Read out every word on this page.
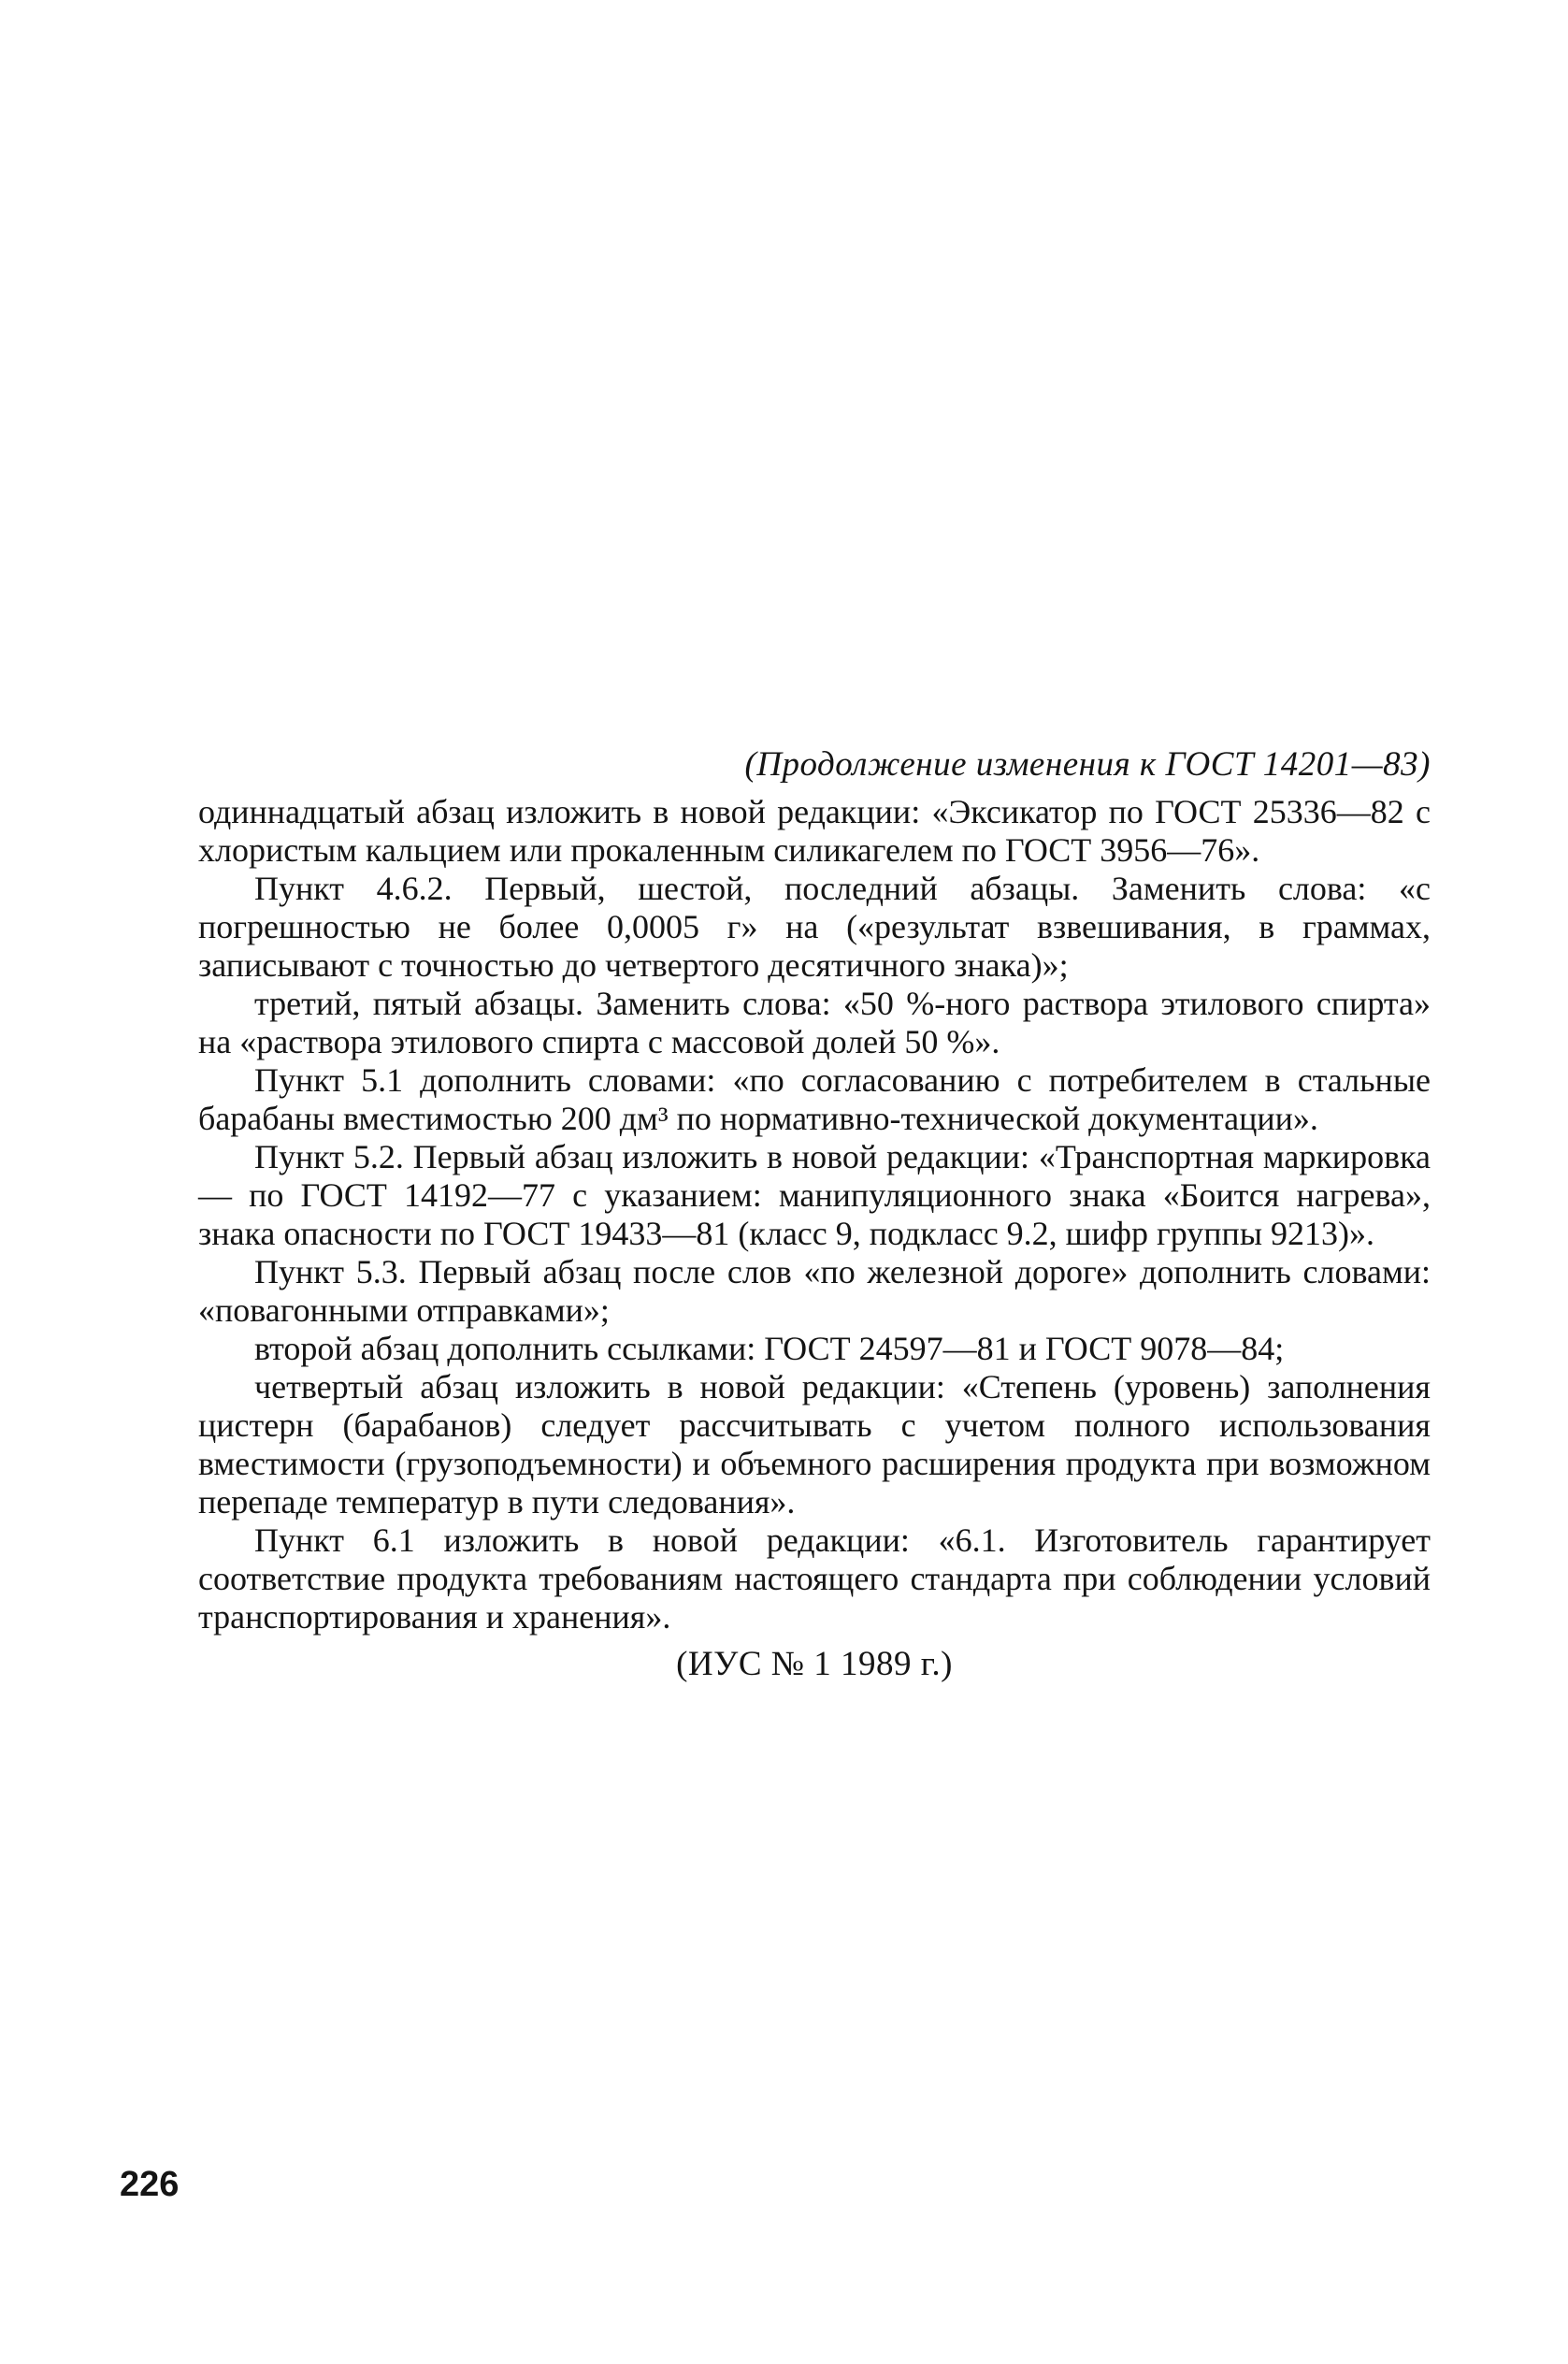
(Продолжение изменения к ГОСТ 14201—83)

одиннадцатый абзац изложить в новой редакции: «Эксикатор по ГОСТ 25336—82 с хлористым кальцием или прокаленным силикагелем по ГОСТ 3956—76».

Пункт 4.6.2. Первый, шестой, последний абзацы. Заменить слова: «с погрешностью не более 0,0005 г» на («результат взвешивания, в граммах, записывают с точностью до четвертого десятичного знака)»;

третий, пятый абзацы. Заменить слова: «50 %-ного раствора этилового спирта» на «раствора этилового спирта с массовой долей 50 %».

Пункт 5.1 дополнить словами: «по согласованию с потребителем в стальные барабаны вместимостью 200 дм³ по нормативно-технической документации».

Пункт 5.2. Первый абзац изложить в новой редакции: «Транспортная маркировка — по ГОСТ 14192—77 с указанием: манипуляционного знака «Боится нагрева», знака опасности по ГОСТ 19433—81 (класс 9, подкласс 9.2, шифр группы 9213)».

Пункт 5.3. Первый абзац после слов «по железной дороге» дополнить словами: «повагонными отправками»;

второй абзац дополнить ссылками: ГОСТ 24597—81 и ГОСТ 9078—84;

четвертый абзац изложить в новой редакции: «Степень (уровень) заполнения цистерн (барабанов) следует рассчитывать с учетом полного использования вместимости (грузоподъемности) и объемного расширения продукта при возможном перепаде температур в пути следования».

Пункт 6.1 изложить в новой редакции: «6.1. Изготовитель гарантирует соответствие продукта требованиям настоящего стандарта при соблюдении условий транспортирования и хранения».

(ИУС № 1 1989 г.)
226
